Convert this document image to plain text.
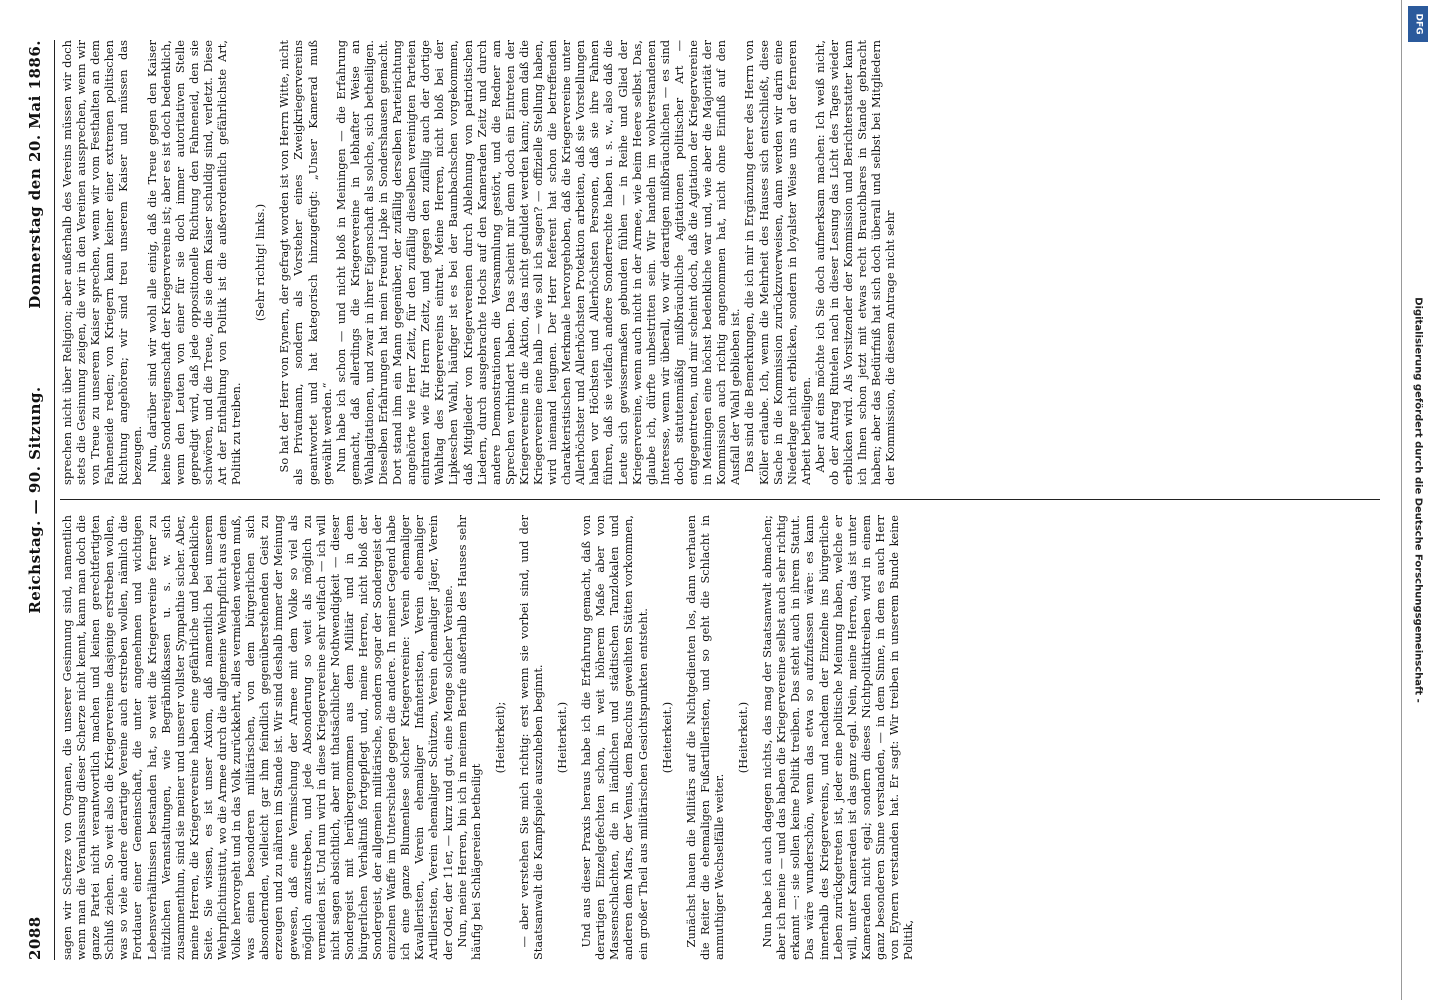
2088
Reichstag. — 90. Sitzung.
Donnerstag den 20. Mai 1886.

sagen wir Scherze von Organen, die unserer Gesinnung sind, namentlich wenn man die Veranlassung dieser Scherze nicht kennt, kann man doch die ganze Partei nicht verantwortlich machen und keinen gerechtfertigten Schluß ziehen. So weit also die Kriegervereine dasjenige erstreben wollen, was so viele andere derartige Vereine auch erstreben wollen, nämlich die Fortdauer einer Gemeinschaft, die unter angenehmen und wichtigen Lebensverhältnissen bestanden hat, so weit die Kriegervereine ferner zu nützlichen Veranstaltungen, wie Begräbnißkassen u. s. w. sich zusammenthun, sind sie meiner und unserer vollster Sympathie sicher. Aber, meine Herren, die Kriegervereine haben eine gefährliche und bedenkliche Seite. Sie wissen, es ist unser Axiom, daß namentlich bei unserem Wehrpflichtinstitut, wo die Armee durch die allgemeine Wehrpflicht aus dem Volke hervorgeht und in das Volk zurückkehrt, alles vermieden werden muß, was einen besonderen militärischen, von dem bürgerlichen sich absondernden, vielleicht gar ihm feindlich gegenüberstehenden Geist zu erzeugen und zu nähren im Stande ist. Wir sind deshalb immer der Meinung gewesen, daß eine Vermischung der Armee mit dem Volke so viel als möglich anzustreben, und jede Absonderung so weit als möglich zu vermeiden ist. Und nun wird in diese Kriegervereine sehr vielfach — ich will nicht sagen absichtlich, aber mit thatsächlicher Nothwendigkeit — dieser Sondergeist mit herübergenommen aus dem Militär und in dem bürgerlichen Verhältniß fortgepflegt und, meine Herren, nicht bloß der Sondergeist, der allgemein militärische, sondern sogar der Sondergeist der einzelnen Waffe im Unterschiede gegen die andere. In meiner Gegend habe ich eine ganze Blumenlese solcher Kriegervereine: Verein ehemaliger Kavalleristen, Verein ehemaliger Infanteristen, Verein ehemaliger Artilleristen, Verein ehemaliger Schützen, Verein ehemaliger Jäger, Verein der Oder, der 11er, — kurz und gut, eine Menge solcher Vereine. Nun, meine Herren, bin ich in meinem Berufe außerhalb des Hauses sehr häufig bei Schlägereien betheiligt

(Heiterkeit); — aber verstehen Sie mich richtig: erst wenn sie vorbei sind, und der Staatsanwalt die Kampfspiele auszuheben beginnt. (Heiterkeit.) Und aus dieser Praxis heraus habe ich die Erfahrung gemacht, daß von derartigen Einzelgefechten schon, in weit höherem Maße aber von Massenschlachten, die in ländlichen und städtischen Tanzlokalen und anderen dem Mars, der Venus, dem Bacchus geweihten Stätten vorkommen, ein großer Theil aus militärischen Gesichtspunkten entsteht. (Heiterkeit.) Zunächst hauen die Militärs auf die Nichtgedienten los, dann verhauen die Reiter die ehemaligen Fußartilleristen, und so geht die Schlacht in anmuthiger Wechselfälle weiter.

(Heiterkeit.) Nun habe ich auch dagegen nichts, das mag der Staatsanwalt abmachen; aber ich meine — und das haben die Kriegervereine selbst auch sehr richtig erkannt —: sie sollen keine Politik treiben. Das steht auch in ihrem Statut. Das wäre wunderschön, wenn das etwa so aufzufassen wäre: es kann innerhalb des Kriegervereins, und nachdem der Einzelne ins bürgerliche Leben zurückgetreten ist, jeder eine politische Meinung haben, welche er will, unter Kameraden ist das ganz egal. Nein, meine Herren, das ist unter Kameraden nicht egal; sondern dieses Nichtpolitiktreiben wird in einem ganz besonderen Sinne verstanden, — in dem Sinne, in dem es auch Herr von Eynern verstanden hat. Er sagt: Wir treiben in unserem Bunde keine Politik,

sprechen nicht über Religion; aber außerhalb des Vereins müssen wir doch stets die Gesinnung zeigen, die wir in den Vereinen aussprechen, wenn wir von Treue zu unserem Kaiser sprechen, wenn wir vom Festhalten an dem Fahneneide reden; von Kriegern kann keiner einer extremen politischen Richtung angehören; wir sind treu unserem Kaiser und müssen das bezeugen. Nun, darüber sind wir wohl alle einig, daß die Treue gegen den Kaiser keine Sondereigenschaft der Kriegervereine ist; aber es ist doch bedenklich, wenn den Leuten von einer für sie doch immer autoritativen Stelle gepredigt wird, daß jede oppositionelle Richtung den Fahneneid, den sie schwören, und die Treue, die sie dem Kaiser schuldig sind, verletzt. Diese Art der Enthaltung von Politik ist die außerordentlich gefährlichste Art, Politik zu treiben.

(Sehr richtig! links.) So hat der Herr von Eynern, der gefragt worden ist von Herrn Witte, nicht als Privatmann, sondern als Vorsteher eines Zweigkriegervereins geantwortet und hat kategorisch hinzugefügt: „Unser Kamerad muß gewählt werden.“ Nun habe ich schon — und nicht bloß in Meiningen — die Erfahrung gemacht, daß allerdings die Kriegervereine in lebhafter Weise an Wahlagitationen, und zwar in ihrer Eigenschaft als solche, sich betheiligen. Dieselben Erfahrungen hat mein Freund Lipke in Sondershausen gemacht. Dort stand ihm ein Mann gegenüber, der zufällig derselben Parteirichtung angehörte wie Herr Zeitz, für den zufällig dieselben vereinigten Parteien eintraten wie für Herrn Zeitz, und gegen den zufällig auch der dortige Wahltag des Kriegervereins eintrat. Meine Herren, nicht bloß bei der Lipkeschen Wahl, häufiger ist es bei der Baumbachschen vorgekommen, daß Mitglieder von Kriegervereinen durch Ablehnung von patriotischen Liedern, durch ausgebrachte Hochs auf den Kameraden Zeitz und durch andere Demonstrationen die Versammlung gestört, und die Redner am Sprechen verhindert haben. Das scheint mir denn doch ein Eintreten der Kriegervereine in die Aktion, das nicht geduldet werden kann; denn daß die Kriegervereine eine halb — wie soll ich sagen? — offizielle Stellung haben, wird niemand leugnen. Der Herr Referent hat schon die betreffenden charakteristischen Merkmale hervorgehoben, daß die Kriegervereine unter Allerhöchster und Allerhöchsten Protektion arbeiten, daß sie Vorstellungen haben vor Höchsten und Allerhöchsten Personen, daß sie ihre Fahnen führen, daß sie vielfach andere Sonderrechte haben u. s. w., also daß die Leute sich gewissermaßen gebunden fühlen — in Reihe und Glied der Kriegervereine, wenn auch nicht in der Armee, wie beim Heere selbst. Das, glaube ich, dürfte unbestritten sein. Wir handeln im wohlverstandenen Interesse, wenn wir überall, wo wir derartigen mißbräuchlichen — es sind doch statutenmäßig mißbräuchliche Agitationen politischer Art — entgegentreten, und mir scheint doch, daß die Agitation der Kriegervereine in Meiningen eine höchst bedenkliche war und, wie aber die Majorität der Kommission auch richtig angenommen hat, nicht ohne Einfluß auf den Ausfall der Wahl geblieben ist. Das sind die Bemerkungen, die ich mir in Ergänzung derer des Herrn von Köller erlaube. Ich, wenn die Mehrheit des Hauses sich entschließt, diese Sache in die Kommission zurückzuverweisen, dann werden wir darin eine Niederlage nicht erblicken, sondern in loyalster Weise uns an der ferneren Arbeit betheiligen. Aber auf eins möchte ich Sie doch aufmerksam machen: Ich weiß nicht, ob der Antrag Rintelen nach in dieser Lesung das Licht des Tages wieder erblicken wird. Als Vorsitzender der Kommission und Berichterstatter kann ich Ihnen schon jetzt mit etwas recht Brauchbares in Stande gebracht haben; aber das Bedürfniß hat sich doch überall und selbst bei Mitgliedern der Kommission, die diesem Antrage nicht sehr

DFG
Digitalisierung gefördert durch die Deutsche Forschungsgemeinschaft -
